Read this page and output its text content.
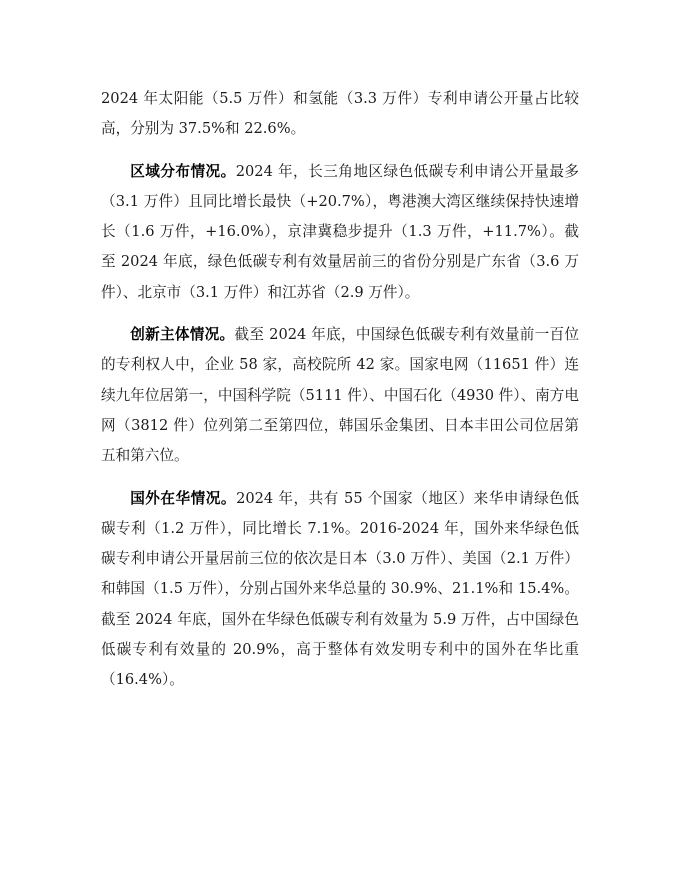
2024 年太阳能（5.5 万件）和氢能（3.3 万件）专利申请公开量占比较高，分别为 37.5%和 22.6%。

区域分布情况。2024 年，长三角地区绿色低碳专利申请公开量最多（3.1 万件）且同比增长最快（+20.7%），粤港澳大湾区继续保持快速增长（1.6 万件，+16.0%），京津冀稳步提升（1.3 万件，+11.7%）。截至 2024 年底，绿色低碳专利有效量居前三的省份分别是广东省（3.6 万件）、北京市（3.1 万件）和江苏省（2.9 万件）。

创新主体情况。截至 2024 年底，中国绿色低碳专利有效量前一百位的专利权人中，企业 58 家，高校院所 42 家。国家电网（11651 件）连续九年位居第一，中国科学院（5111 件）、中国石化（4930 件）、南方电网（3812 件）位列第二至第四位，韩国乐金集团、日本丰田公司位居第五和第六位。

国外在华情况。2024 年，共有 55 个国家（地区）来华申请绿色低碳专利（1.2 万件），同比增长 7.1%。2016-2024 年，国外来华绿色低碳专利申请公开量居前三位的依次是日本（3.0 万件）、美国（2.1 万件）和韩国（1.5 万件），分别占国外来华总量的 30.9%、21.1%和 15.4%。截至 2024 年底，国外在华绿色低碳专利有效量为 5.9 万件，占中国绿色低碳专利有效量的 20.9%，高于整体有效发明专利中的国外在华比重（16.4%）。
